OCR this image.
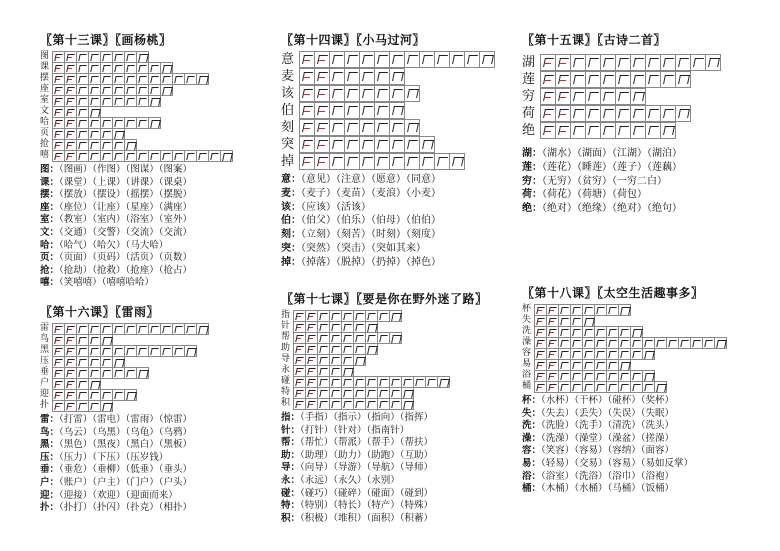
〖第十三课〗〖画杨桃〗
图
课
摆
座
室
文
哈
页
抢
嘻
图：（图画）（作图）（图谋）（图案）
课：（课堂）（上课）（讲课）（课桌）
摆：（摆放）（摆设）（摇摆）（摆脱）
座：（座位）（让座）（星座）（满座）
室：（教室）（室内）（浴室）（室外）
文：（交通）（交警）（交流）（交流）
哈：（哈气）（哈欠）（马大哈）
页：（页面）（页码）（活页）（页数）
抢：（抢劫）（抢救）（抢座）（抢占）
嘻：（笑嘻嘻）（嘻嘻哈哈）
〖第十四课〗〖小马过河〗
意
麦
该
伯
刻
突
掉
意：（意见）（注意）（愿意）（同意）
麦：（麦子）（麦苗）（麦浪）（小麦）
该：（应该）（活该）
伯：（伯父）（伯乐）（伯母）（伯伯）
刻：（立刻）（刻苦）（时刻）（刻度）
突：（突然）（突击）（突如其来）
掉：（掉落）（脱掉）（扔掉）（掉色）
〖第十五课〗〖古诗二首〗
湖
莲
穷
荷
绝
湖：（湖水）（湖面）（江湖）（湖泊）
莲：（莲花）（睡莲）（莲子）（莲藕）
穷：（无穷）（贫穷）（一穷二白）
荷：（荷花）（荷塘）（荷包）
绝：（绝对）（绝缘）（绝对）（绝句）
〖第十六课〗〖雷雨〗
雷
鸟
黑
压
垂
户
迎
扑
雷：（打雷）（雷电）（雷雨）（惊雷）
鸟：（乌云）（乌黑）（乌龟）（乌鸦）
黑：（黑色）（黑夜）（黑白）（黑板）
压：（压力）（下压）（压岁钱）
垂：（垂危）（垂柳）（低垂）（垂头）
户：（账户）（户主）（门户）（户头）
迎：（迎接）（欢迎）（迎面而来）
扑：（扑打）（扑闪）（扑克）（相扑）
〖第十七课〗〖要是你在野外迷了路〗
指
针
帮
助
导
永
碰
特
积
指：（手指）（指示）（指向）（指挥）
针：（打针）（针对）（指南针）
帮：（帮忙）（帮派）（帮手）（帮扶）
助：（助理）（助力）（助跑）（互助）
导：（向导）（导游）（导航）（导师）
永：（永远）（永久）（永别）
碰：（碰巧）（碰碎）（碰面）（碰到）
特：（特别）（特长）（特产）（特殊）
积：（积极）（堆积）（面积）（积蓄）
〖第十八课〗〖太空生活趣事多〗
杯
失
洗
澡
容
易
浴
桶
杯：（水杯）（干杯）（碰杯）（奖杯）
失：（失去）（丢失）（失误）（失眠）
洗：（洗脸）（洗手）（清洗）（洗头）
澡：（洗澡）（澡堂）（澡盆）（搓澡）
容：（笑容）（容易）（容纳）（面容）
易：（轻易）（交易）（容易）（易如反掌）
浴：（浴室）（洗浴）（浴巾）（浴袍）
桶：（木桶）（水桶）（马桶）（饭桶）
